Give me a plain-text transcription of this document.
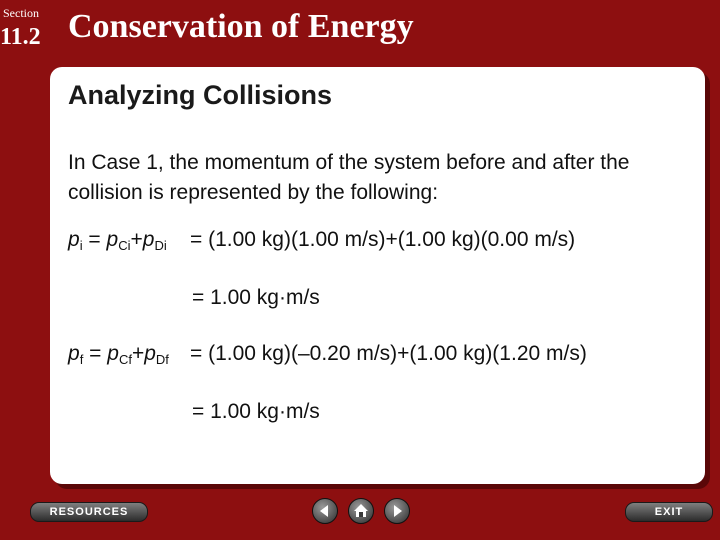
Section
11.2 Conservation of Energy
Analyzing Collisions
In Case 1, the momentum of the system before and after the collision is represented by the following:
$p_i = p_{Ci}+p_{Di} = (1.00$ kg)(1.00 m/s)+(1.00 kg)(0.00 m/s)
= 1.00 kg·m/s
$p_f = p_{Cf}+p_{Df} = (1.00$ kg)(–0.20 m/s)+(1.00 kg)(1.20 m/s)
= 1.00 kg·m/s
RESOURCES	EXIT
